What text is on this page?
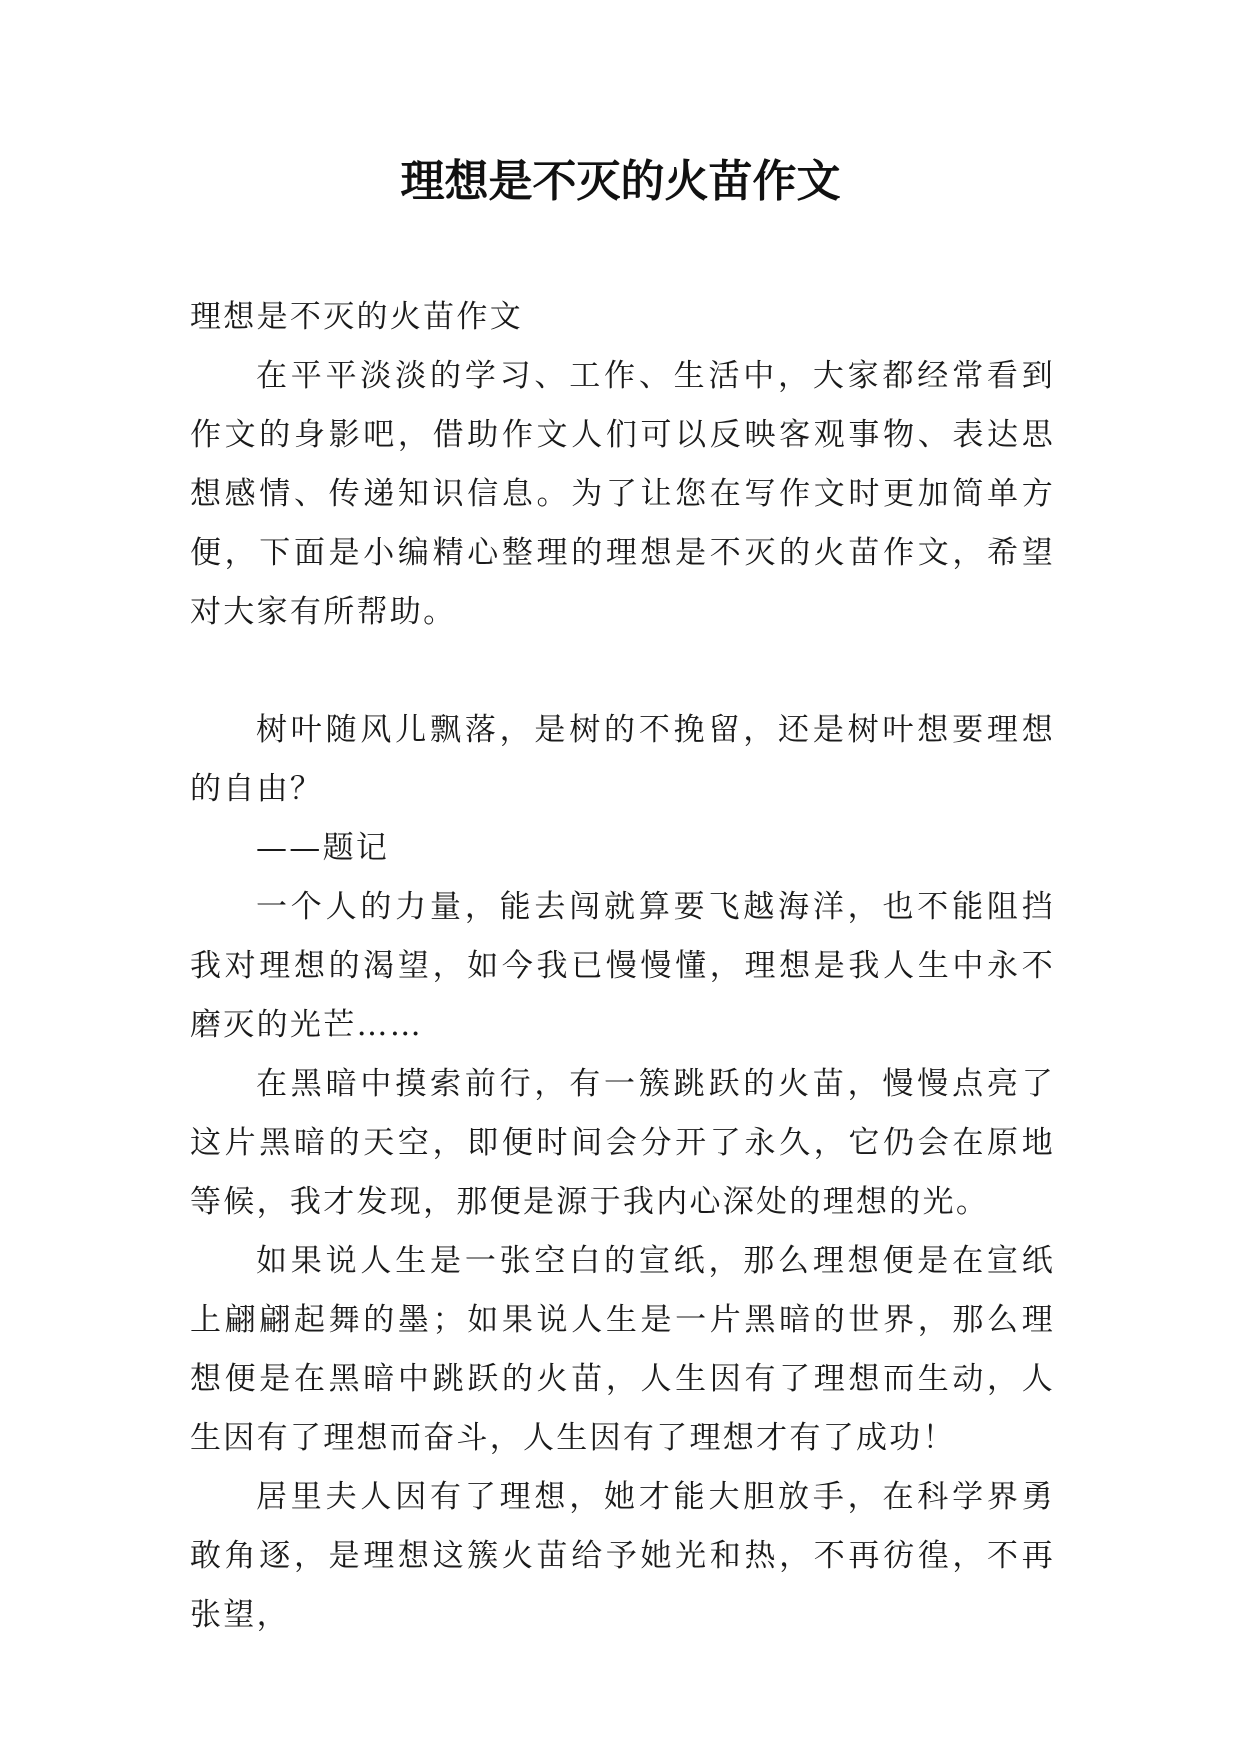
理想是不灭的火苗作文

理想是不灭的火苗作文

在平平淡淡的学习、工作、生活中，大家都经常看到作文的身影吧，借助作文人们可以反映客观事物、表达思想感情、传递知识信息。为了让您在写作文时更加简单方便，下面是小编精心整理的理想是不灭的火苗作文，希望对大家有所帮助。

树叶随风儿飘落，是树的不挽留，还是树叶想要理想的自由？

——题记

一个人的力量，能去闯就算要飞越海洋，也不能阻挡我对理想的渴望，如今我已慢慢懂，理想是我人生中永不磨灭的光芒……

在黑暗中摸索前行，有一簇跳跃的火苗，慢慢点亮了这片黑暗的天空，即便时间会分开了永久，它仍会在原地等候，我才发现，那便是源于我内心深处的理想的光。

如果说人生是一张空白的宣纸，那么理想便是在宣纸上翩翩起舞的墨；如果说人生是一片黑暗的世界，那么理想便是在黑暗中跳跃的火苗，人生因有了理想而生动，人生因有了理想而奋斗，人生因有了理想才有了成功！

居里夫人因有了理想，她才能大胆放手，在科学界勇敢角逐，是理想这簇火苗给予她光和热，不再彷徨，不再张望，
